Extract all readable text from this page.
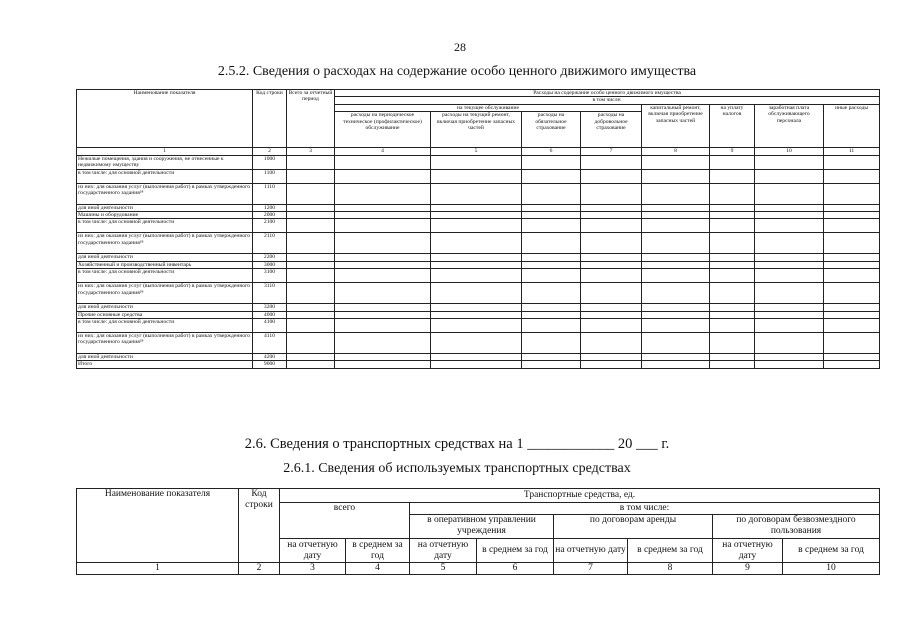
28
2.5.2. Сведения о расходах на содержание особо ценного движимого имущества
Наименование показателя	Код строки	Всего за отчетный период	Расходы на содержание особо ценного движимого имущества							
			в том числе:							
			на текущее обслуживание				капитальный ремонт, включая приобретение запасных частей	на уплату налогов	заработная плата обслуживающего персонала	иные расходы
			расходы на периодическое техническое (профилактическое) обслуживание	расходы на текущий ремонт, включая приобретение запасных частей	расходы на обязательное страхование	расходы на добровольное страхование				
1	2	3	4	5	6	7	8	9	10	11
Нежилые помещения, здания и сооружения, не отнесенные к недвижимому имуществу	1000									
в том числе: для основной деятельности	1100									
из них: для оказания услуг (выполнения работ) в рамках утвержденного государственного задания²⁸	1110									
для иной деятельности	1200									
Машины и оборудование	2000									
в том числе: для основной деятельности	2100									
из них: для оказания услуг (выполнения работ) в рамках утвержденного государственного задания²⁸	2110									
для иной деятельности	2200									
Хозяйственный и производственный инвентарь	3000									
в том числе: для основной деятельности	3100									
из них: для оказания услуг (выполнения работ) в рамках утвержденного государственного задания²⁸	3110									
для иной деятельности	3200									
Прочие основные средства	4000									
в том числе: для основной деятельности	4100									
из них: для оказания услуг (выполнения работ) в рамках утвержденного государственного задания²⁸	4110									
для иной деятельности	4200									
Итого	9000									
2.6. Сведения о транспортных средствах на 1 ____________ 20 ___ г.
2.6.1. Сведения об используемых транспортных средствах
Наименование показателя	Код строки	Транспортные средства, ед.							
		всего		в том числе:					
				в оперативном управлении учреждения		по договорам аренды		по договорам безвозмездного пользования	
		на отчетную дату	в среднем за год	на отчетную дату	в среднем за год	на отчетную дату	в среднем за год	на отчетную дату	в среднем за год
1	2	3	4	5	6	7	8	9	10
